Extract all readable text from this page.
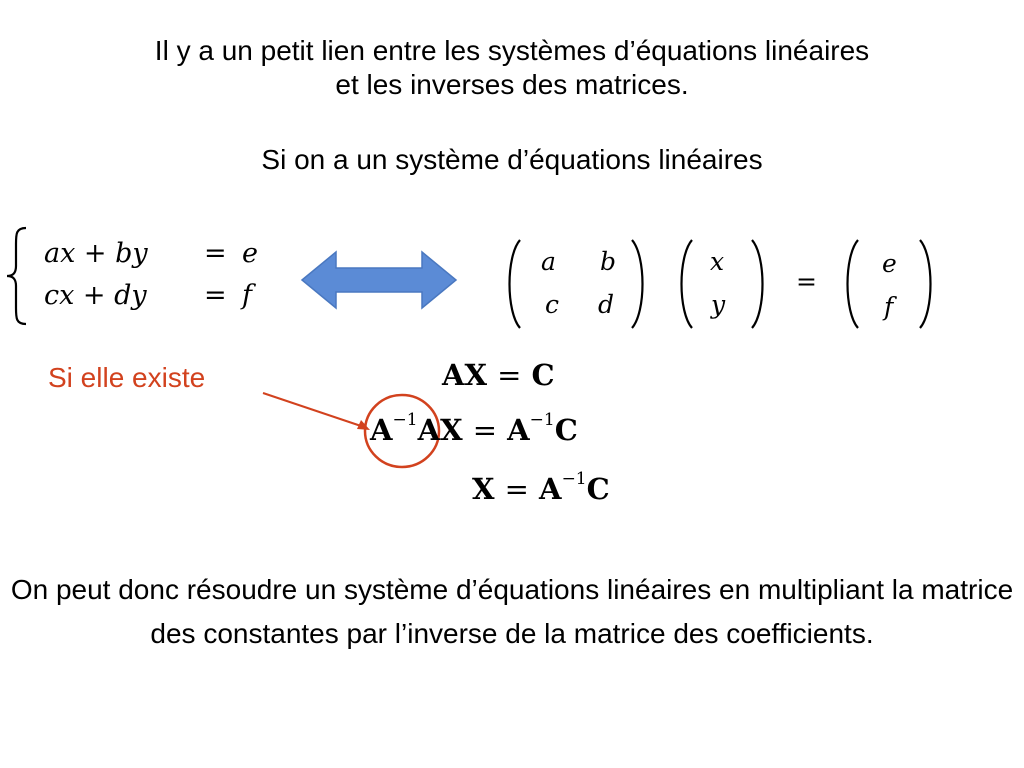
Il y a un petit lien entre les systèmes d’équations linéaires
et les inverses des matrices.
Si on a un système d’équations linéaires
ax + by = e
cx + dy = f
a b
c d
x
y
=
e
f
Si elle existe	AX = C
$A^{-1}AX = A^{-1}C$
$X = A^{-1}C$
On peut donc résoudre un système d’équations linéaires en multipliant la matrice des constantes par l’inverse de la matrice des coefficients.
